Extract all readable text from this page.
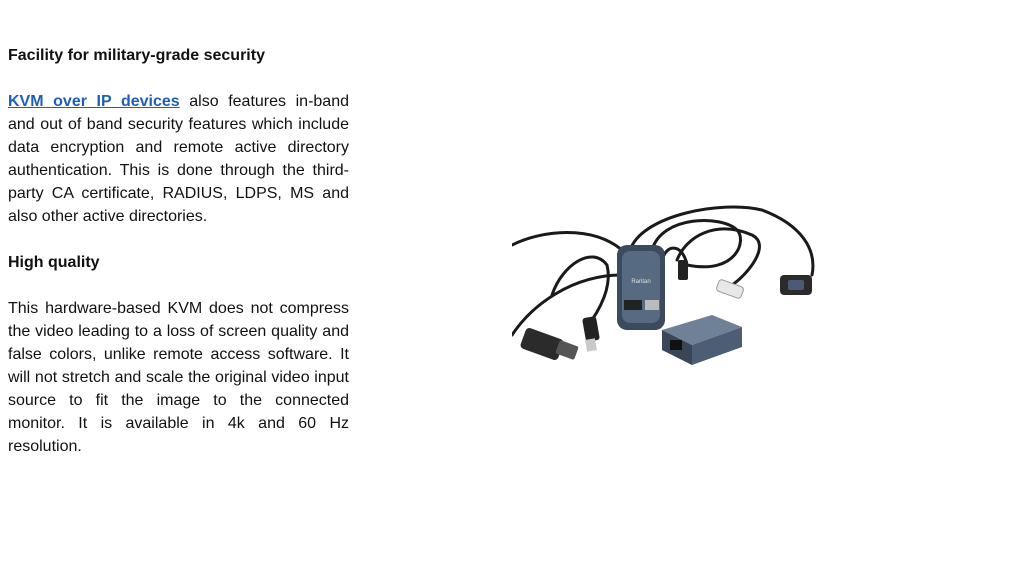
Facility for military-grade security
KVM over IP devices also features in-band and out of band security features which include data encryption and remote active directory authentication. This is done through the third-party CA certificate, RADIUS, LDPS, MS and also other active directories.
High quality
This hardware-based KVM does not compress the video leading to a loss of screen quality and false colors, unlike remote access software. It will not stretch and scale the original video input source to fit the image to the connected monitor. It is available in 4k and 60 Hz resolution.
Raritan
